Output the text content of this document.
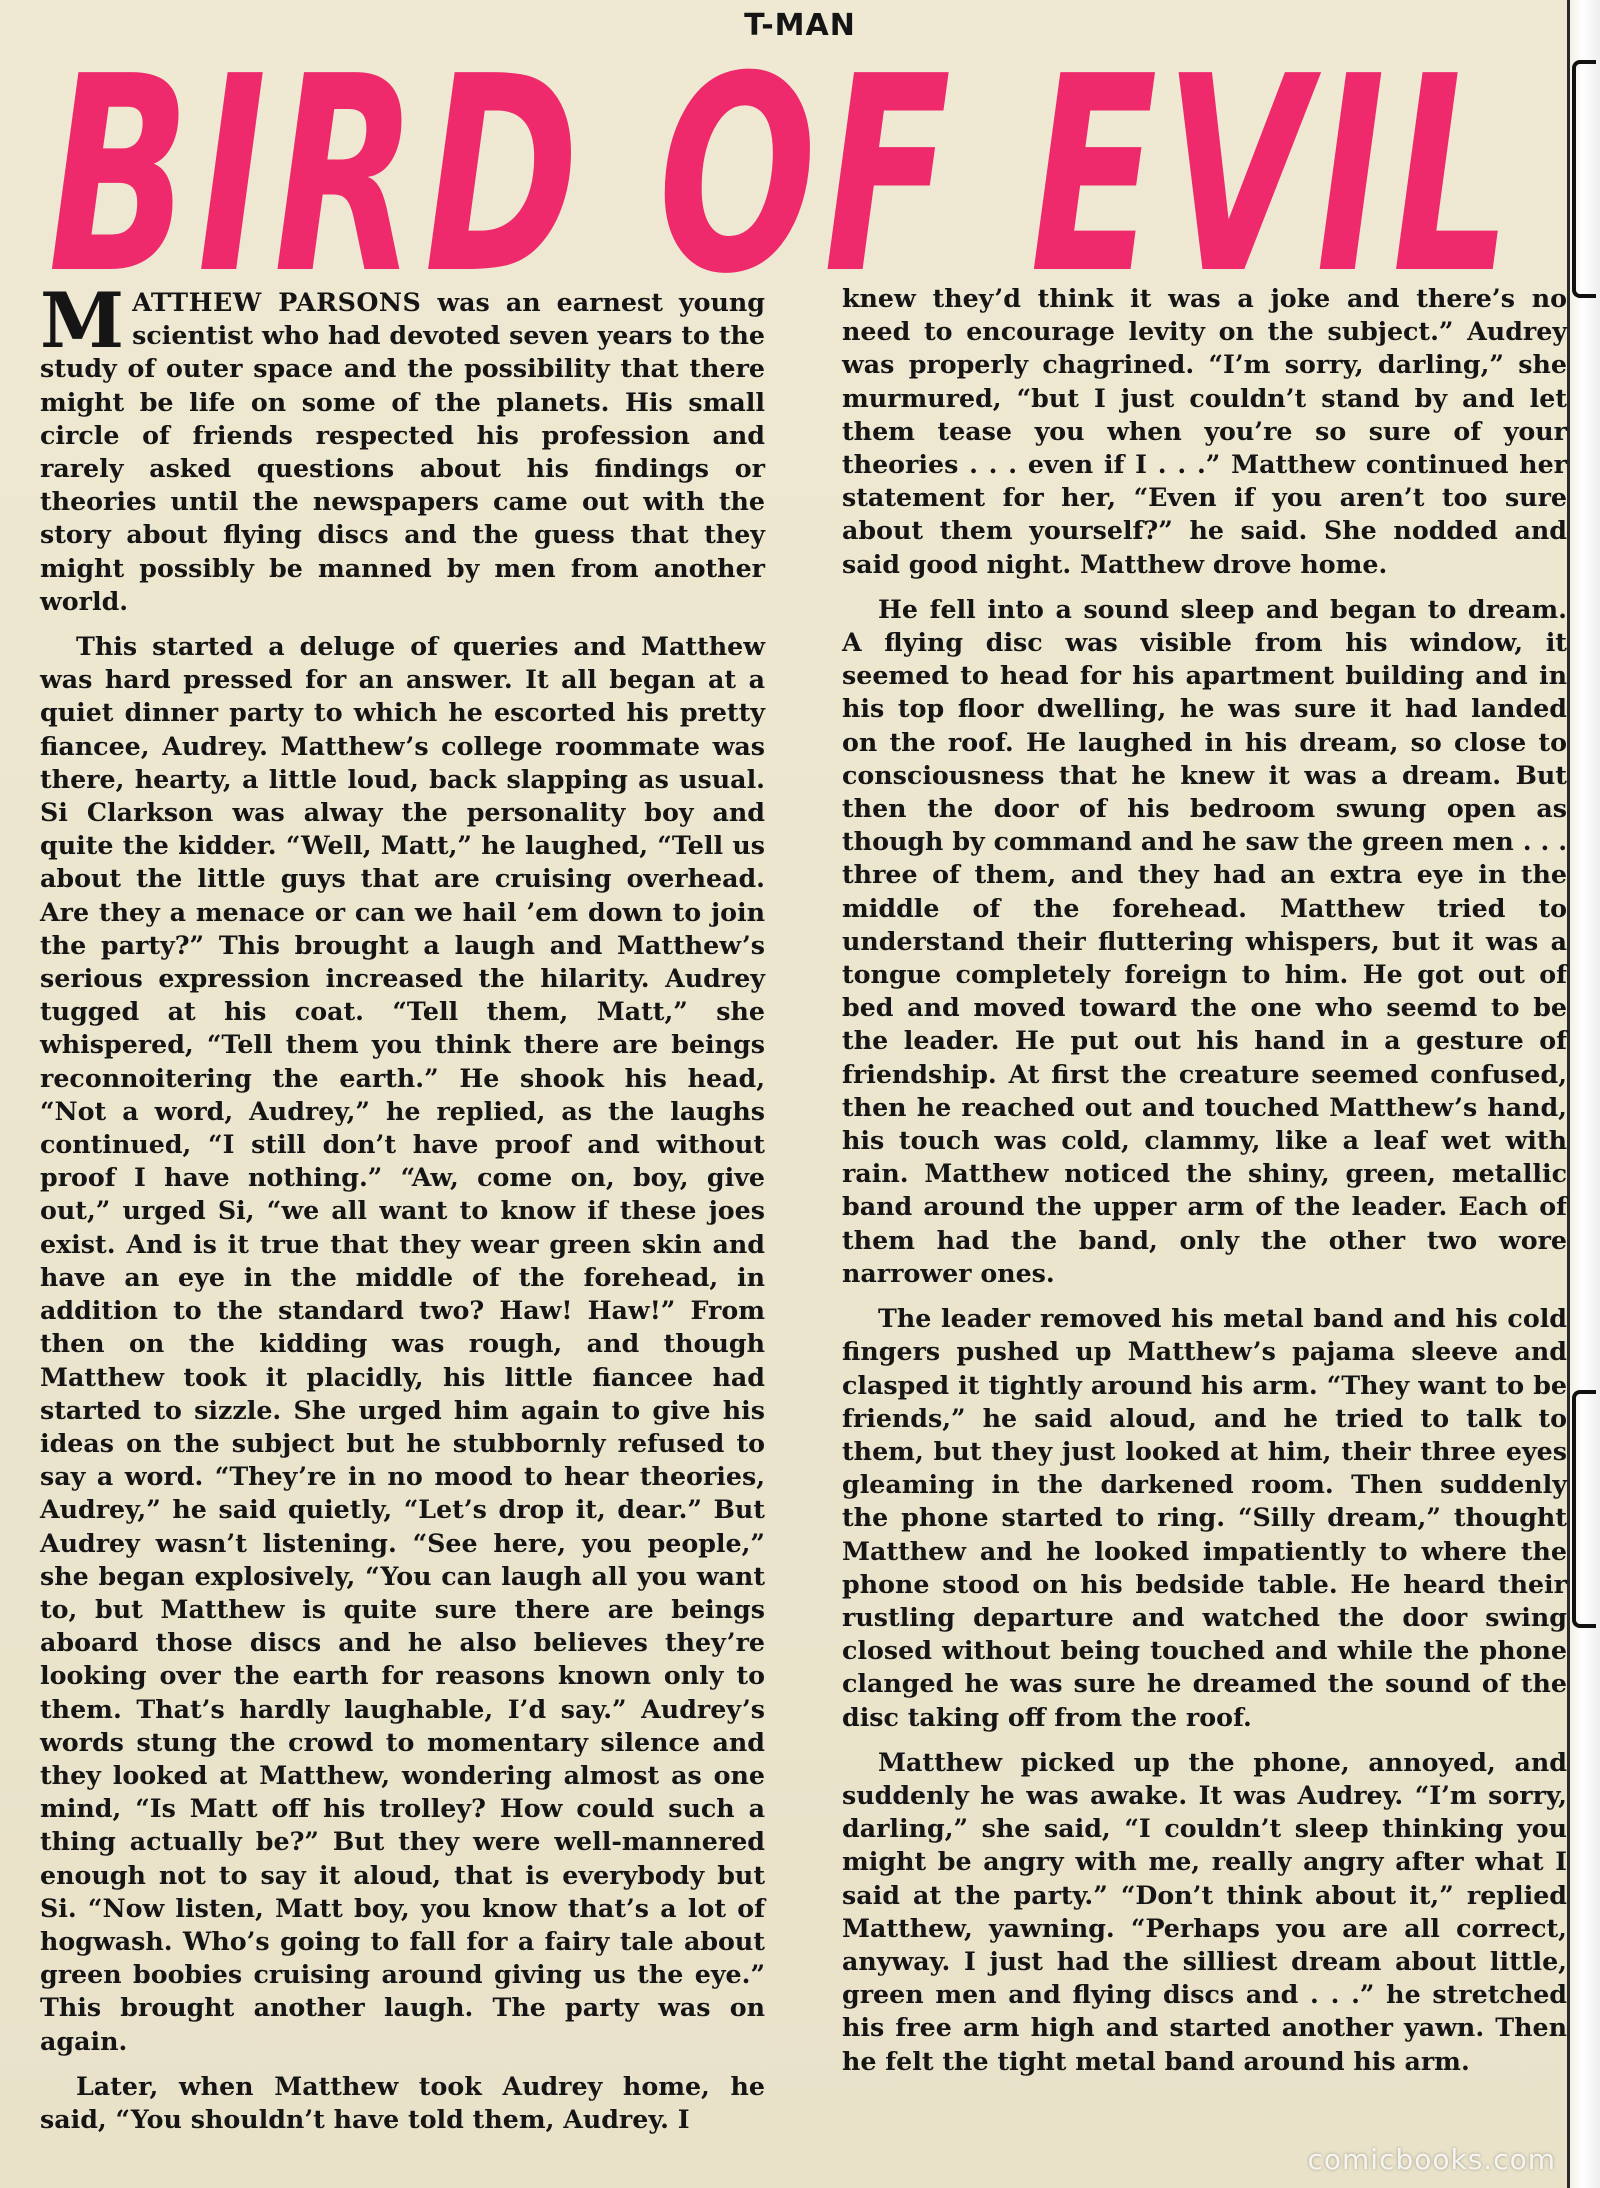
T-MAN
BIRD OF EVIL

MATTHEW PARSONS was an earnest young scientist who had devoted seven years to the study of outer space and the possibility that there might be life on some of the planets. His small circle of friends respected his profession and rarely asked questions about his findings or theories until the newspapers came out with the story about flying discs and the guess that they might possibly be manned by men from another world.

This started a deluge of queries and Matthew was hard pressed for an answer. It all began at a quiet dinner party to which he escorted his pretty fiancee, Audrey. Matthew’s college roommate was there, hearty, a little loud, back slapping as usual. Si Clarkson was alway the personality boy and quite the kidder. “Well, Matt,” he laughed, “Tell us about the little guys that are cruising overhead. Are they a menace or can we hail ’em down to join the party?” This brought a laugh and Matthew’s serious expression increased the hilarity. Audrey tugged at his coat. “Tell them, Matt,” she whispered, “Tell them you think there are beings reconnoitering the earth.” He shook his head, “Not a word, Audrey,” he replied, as the laughs continued, “I still don’t have proof and without proof I have nothing.” “Aw, come on, boy, give out,” urged Si, “we all want to know if these joes exist. And is it true that they wear green skin and have an eye in the middle of the forehead, in addition to the standard two? Haw! Haw!” From then on the kidding was rough, and though Matthew took it placidly, his little fiancee had started to sizzle. She urged him again to give his ideas on the subject but he stubbornly refused to say a word. “They’re in no mood to hear theories, Audrey,” he said quietly, “Let’s drop it, dear.” But Audrey wasn’t listening. “See here, you people,” she began explosively, “You can laugh all you want to, but Matthew is quite sure there are beings aboard those discs and he also believes they’re looking over the earth for reasons known only to them. That’s hardly laughable, I’d say.” Audrey’s words stung the crowd to momentary silence and they looked at Matthew, wondering almost as one mind, “Is Matt off his trolley? How could such a thing actually be?” But they were well-mannered enough not to say it aloud, that is everybody but Si. “Now listen, Matt boy, you know that’s a lot of hogwash. Who’s going to fall for a fairy tale about green boobies cruising around giving us the eye.” This brought another laugh. The party was on again.

Later, when Matthew took Audrey home, he said, “You shouldn’t have told them, Audrey. I

knew they’d think it was a joke and there’s no need to encourage levity on the subject.” Audrey was properly chagrined. “I’m sorry, darling,” she murmured, “but I just couldn’t stand by and let them tease you when you’re so sure of your theories . . . even if I . . .” Matthew continued her statement for her, “Even if you aren’t too sure about them yourself?” he said. She nodded and said good night. Matthew drove home.

He fell into a sound sleep and began to dream. A flying disc was visible from his window, it seemed to head for his apartment building and in his top floor dwelling, he was sure it had landed on the roof. He laughed in his dream, so close to consciousness that he knew it was a dream. But then the door of his bedroom swung open as though by command and he saw the green men . . . three of them, and they had an extra eye in the middle of the forehead. Matthew tried to understand their fluttering whispers, but it was a tongue completely foreign to him. He got out of bed and moved toward the one who seemd to be the leader. He put out his hand in a gesture of friendship. At first the creature seemed confused, then he reached out and touched Matthew’s hand, his touch was cold, clammy, like a leaf wet with rain. Matthew noticed the shiny, green, metallic band around the upper arm of the leader. Each of them had the band, only the other two wore narrower ones.

The leader removed his metal band and his cold fingers pushed up Matthew’s pajama sleeve and clasped it tightly around his arm. “They want to be friends,” he said aloud, and he tried to talk to them, but they just looked at him, their three eyes gleaming in the darkened room. Then suddenly the phone started to ring. “Silly dream,” thought Matthew and he looked impatiently to where the phone stood on his bedside table. He heard their rustling departure and watched the door swing closed without being touched and while the phone clanged he was sure he dreamed the sound of the disc taking off from the roof.

Matthew picked up the phone, annoyed, and suddenly he was awake. It was Audrey. “I’m sorry, darling,” she said, “I couldn’t sleep thinking you might be angry with me, really angry after what I said at the party.” “Don’t think about it,” replied Matthew, yawning. “Perhaps you are all correct, anyway. I just had the silliest dream about little, green men and flying discs and . . .” he stretched his free arm high and started another yawn. Then he felt the tight metal band around his arm.

comicbooks.com
